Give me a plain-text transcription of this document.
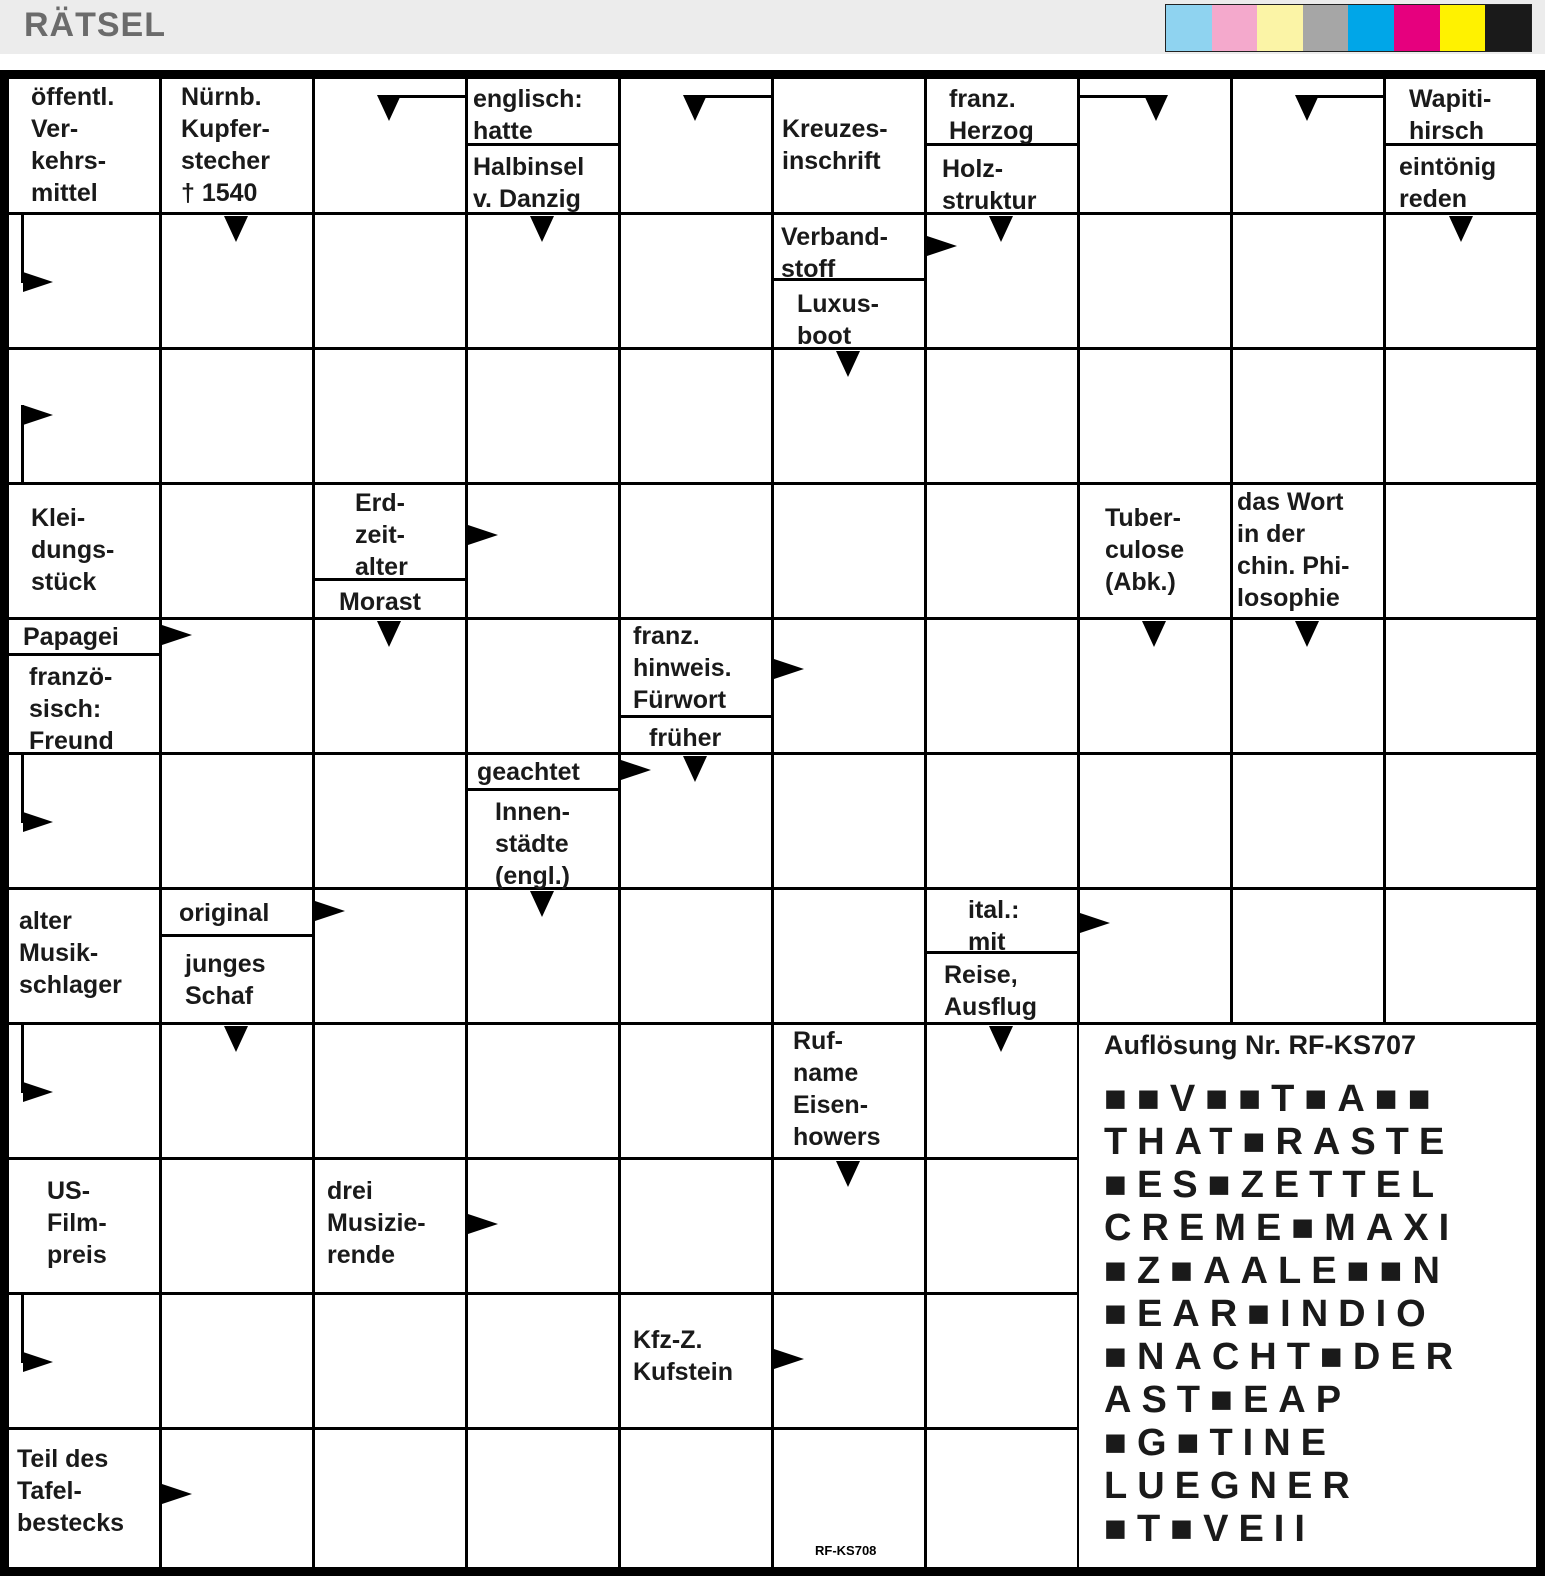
RÄTSEL
öffentl.
Ver-
kehrs-
mittel
Nürnb.
Kupfer-
stecher
† 1540
englisch:
hatte
Halbinsel
v. Danzig
Kreuzes-
inschrift
franz.
Herzog
Holz-
struktur
Wapiti-
hirsch
eintönig
reden
Verband-
stoff
Luxus-
boot
Klei-
dungs-
stück
Erd-
zeit-
alter
Morast
Tuber-
culose
(Abk.)
das Wort
in der
chin. Phi-
losophie
Papagei
franzö-
sisch:
Freund
franz.
hinweis.
Fürwort
früher
geachtet
Innen-
städte
(engl.)
alter
Musik-
schlager
original
junges
Schaf
ital.:
mit
Reise,
Ausflug
Ruf-
name
Eisen-
howers
US-
Film-
preis
drei
Musizie-
rende
Kfz-Z.
Kufstein
Teil des
Tafel-
bestecks
Auflösung Nr. RF-KS707
■■V■■T■A■■
THAT■RASTE
■ES■ZETTEL
CREME■MAXI
■Z■AALE■■N
■EAR■INDIO
■NACHT■DER
AST■EAP
■G■TINE
LUEGNER
■T■VEII
RF-KS708
